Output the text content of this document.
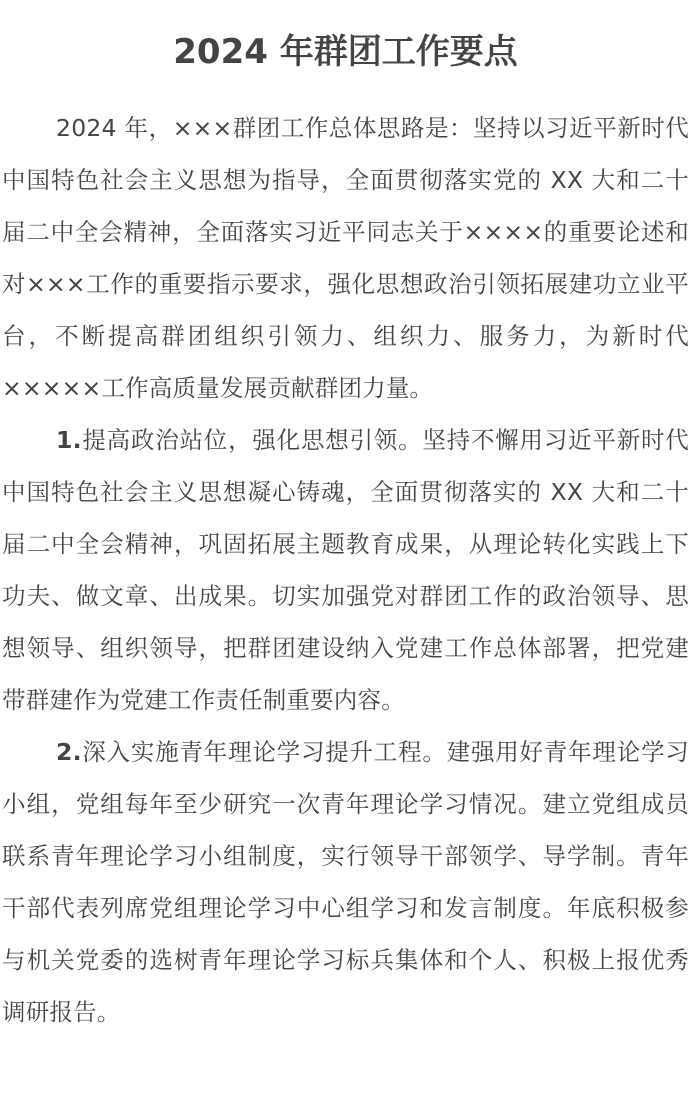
2024 年群团工作要点

2024 年，×××群团工作总体思路是：坚持以习近平新时代中国特色社会主义思想为指导，全面贯彻落实党的 XX 大和二十届二中全会精神，全面落实习近平同志关于××××的重要论述和对×××工作的重要指示要求，强化思想政治引领拓展建功立业平台，不断提高群团组织引领力、组织力、服务力，为新时代×××××工作高质量发展贡献群团力量。

1.提高政治站位，强化思想引领。坚持不懈用习近平新时代中国特色社会主义思想凝心铸魂，全面贯彻落实的 XX 大和二十届二中全会精神，巩固拓展主题教育成果，从理论转化实践上下功夫、做文章、出成果。切实加强党对群团工作的政治领导、思想领导、组织领导，把群团建设纳入党建工作总体部署，把党建带群建作为党建工作责任制重要内容。

2.深入实施青年理论学习提升工程。建强用好青年理论学习小组，党组每年至少研究一次青年理论学习情况。建立党组成员联系青年理论学习小组制度，实行领导干部领学、导学制。青年干部代表列席党组理论学习中心组学习和发言制度。年底积极参与机关党委的选树青年理论学习标兵集体和个人、积极上报优秀调研报告。
